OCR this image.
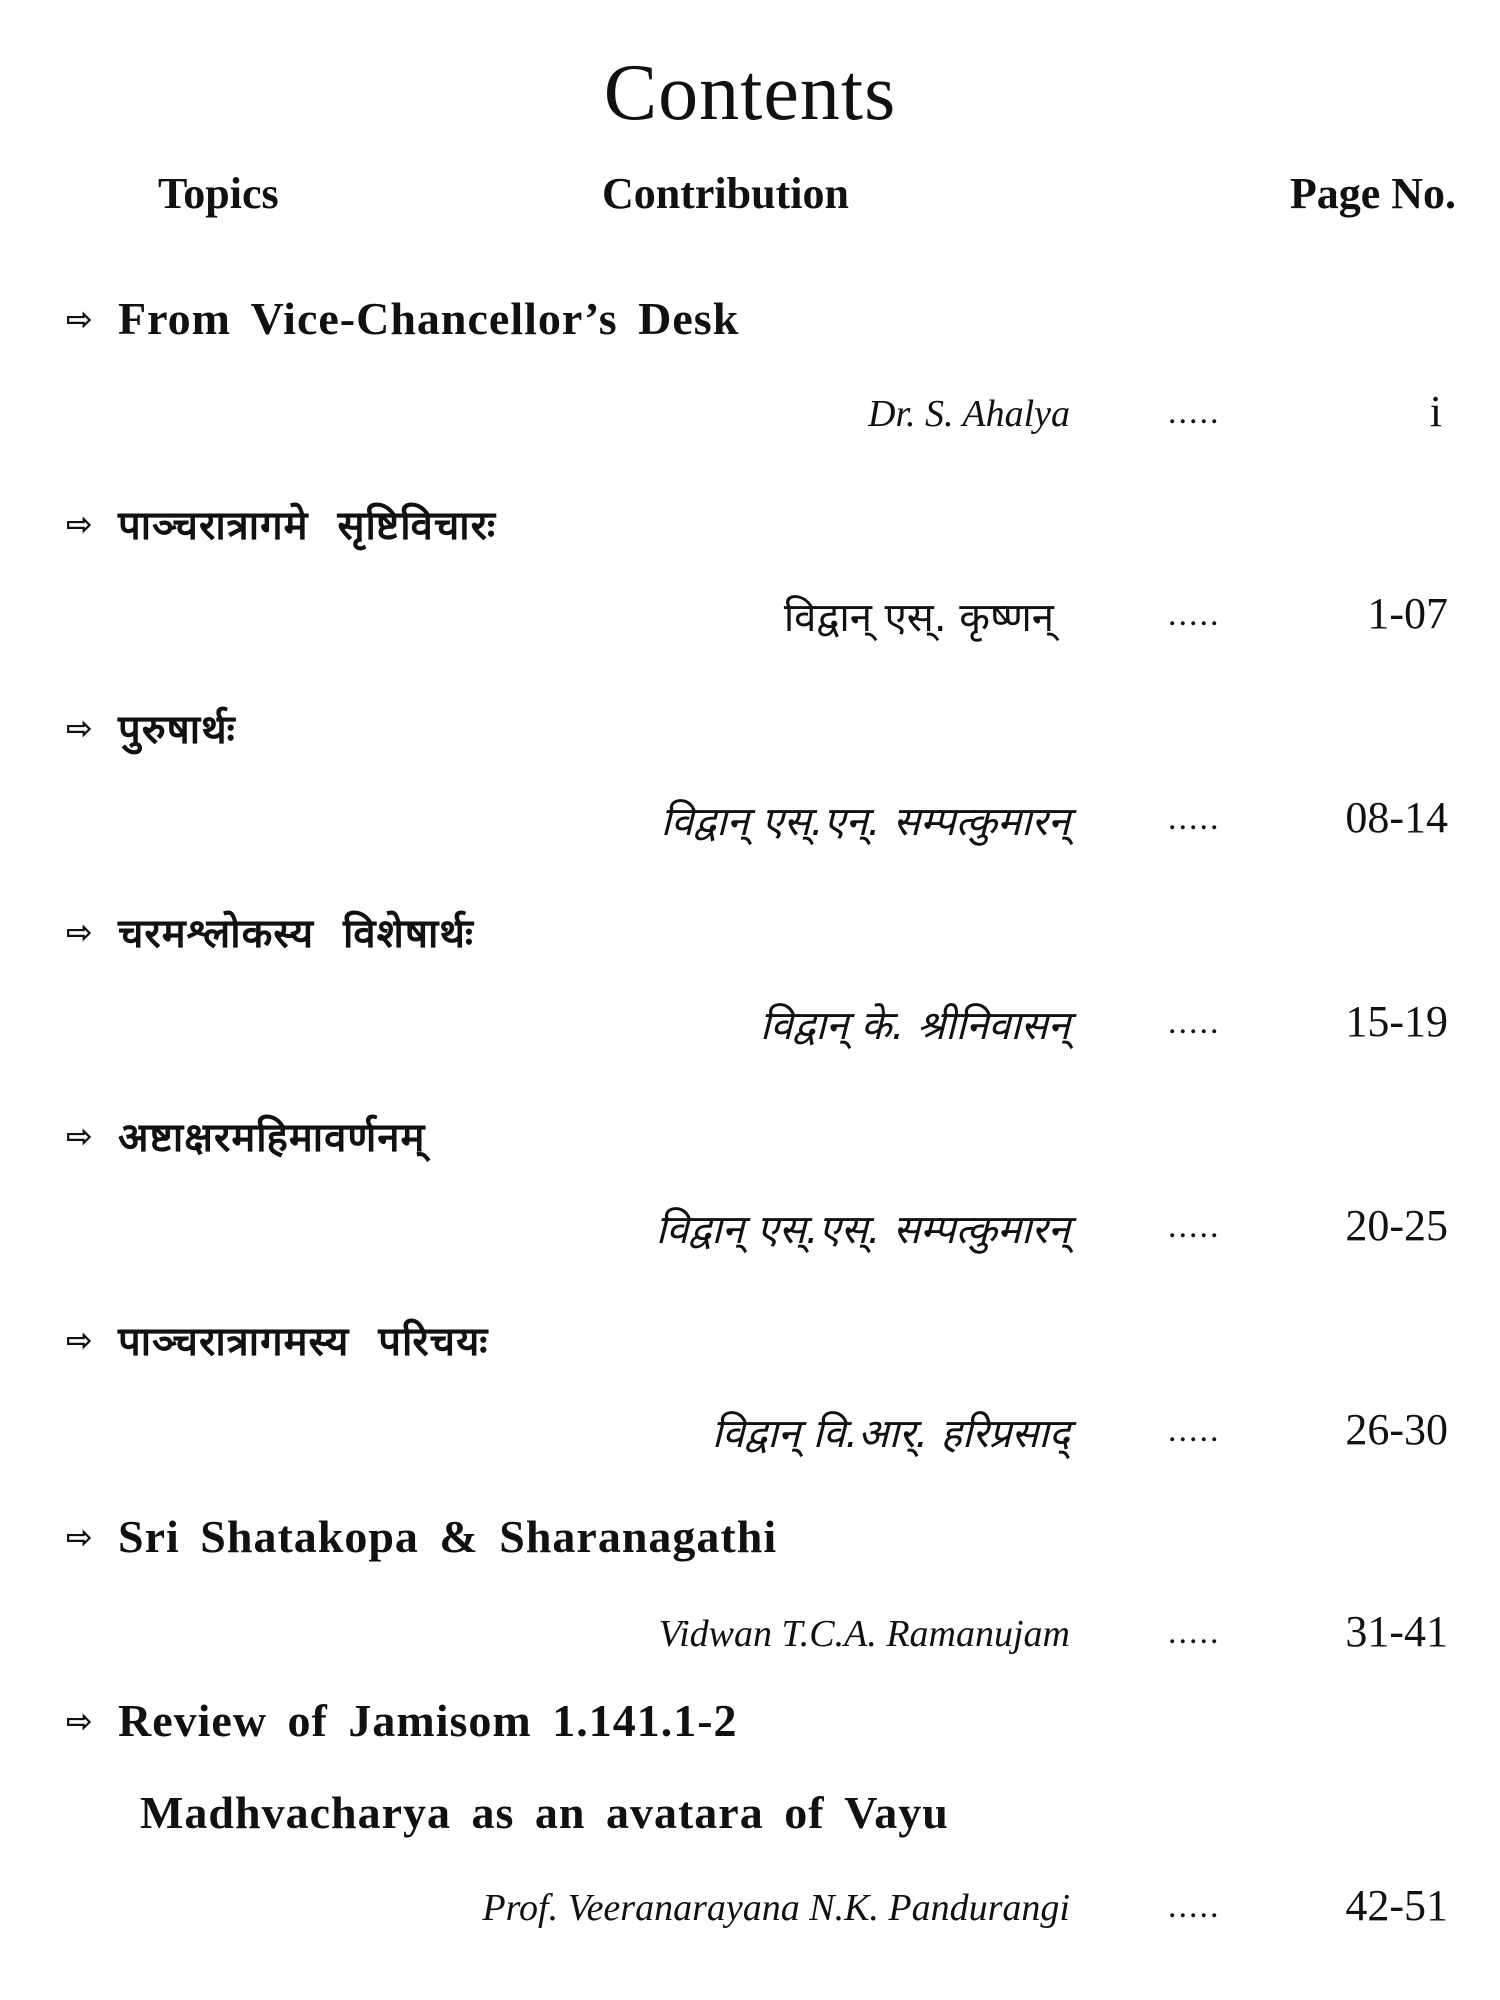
Contents
Topics	Contribution	Page No.
⇨ From Vice-Chancellor’s Desk
Dr. S. Ahalya	.....	i
⇨ पाञ्चरात्रागमे सृष्टिविचारः
विद्वान् एस्. कृष्णन्	.....	1-07
⇨ पुरुषार्थः
विद्वान् एस्.एन्. सम्पत्कुमारन्	.....	08-14
⇨ चरमश्लोकस्य विशेषार्थः
विद्वान् के. श्रीनिवासन्	.....	15-19
⇨ अष्टाक्षरमहिमावर्णनम्
विद्वान् एस्.एस्. सम्पत्कुमारन्	.....	20-25
⇨ पाञ्चरात्रागमस्य परिचयः
विद्वान् वि.आर्. हरिप्रसाद्	.....	26-30
⇨ Sri Shatakopa & Sharanagathi
Vidwan T.C.A. Ramanujam	.....	31-41
⇨ Review of Jamisom 1.141.1-2
Madhvacharya as an avatara of Vayu
Prof. Veeranarayana N.K. Pandurangi	.....	42-51
